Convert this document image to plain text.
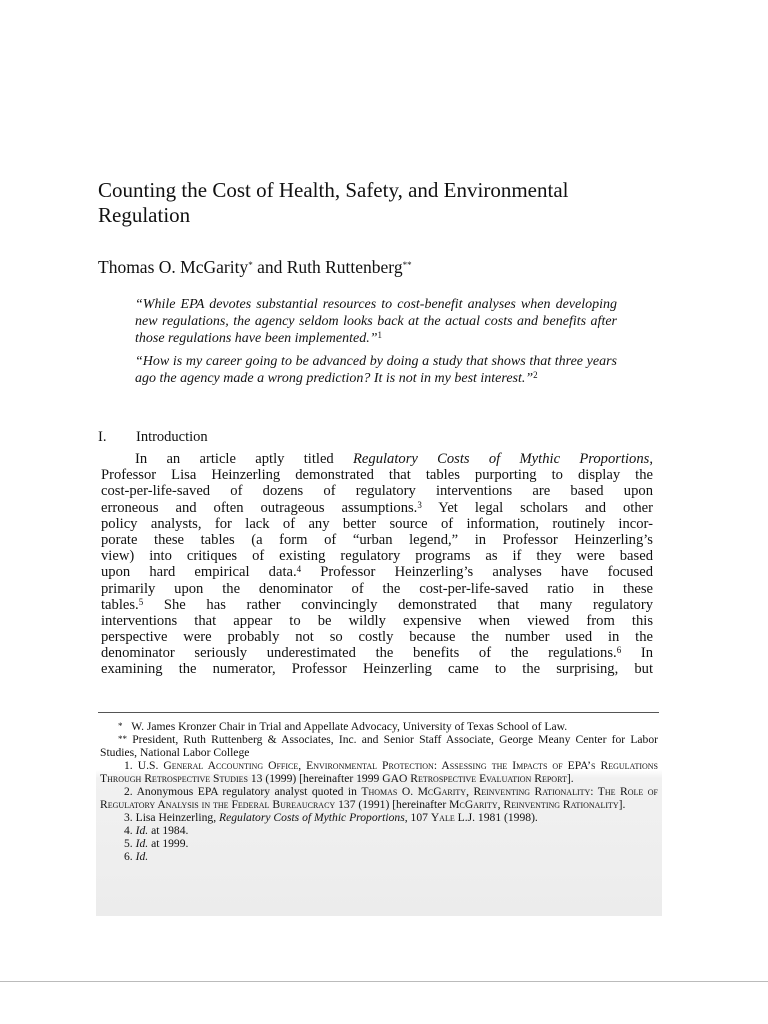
Counting the Cost of Health, Safety, and Environmental Regulation
Thomas O. McGarity* and Ruth Ruttenberg**

“While EPA devotes substantial resources to cost-benefit analyses when developing new regulations, the agency seldom looks back at the actual costs and benefits after those regulations have been implemented.”$^1$

“How is my career going to be advanced by doing a study that shows that three years ago the agency made a wrong prediction? It is not in my best interest.”$^2$

I. Introduction
In an article aptly titled Regulatory Costs of Mythic Proportions,
Professor Lisa Heinzerling demonstrated that tables purporting to display the
cost-per-life-saved of dozens of regulatory interventions are based upon
erroneous and often outrageous assumptions.$^3$ Yet legal scholars and other
policy analysts, for lack of any better source of information, routinely incor-
porate these tables (a form of “urban legend,” in Professor Heinzerling’s
view) into critiques of existing regulatory programs as if they were based
upon hard empirical data.$^4$ Professor Heinzerling’s analyses have focused
primarily upon the denominator of the cost-per-life-saved ratio in these
tables.$^5$ She has rather convincingly demonstrated that many regulatory
interventions that appear to be wildly expensive when viewed from this
perspective were probably not so costly because the number used in the
denominator seriously underestimated the benefits of the regulations.$^6$ In
examining the numerator, Professor Heinzerling came to the surprising, but

* W. James Kronzer Chair in Trial and Appellate Advocacy, University of Texas School of Law.

** President, Ruth Ruttenberg & Associates, Inc. and Senior Staff Associate, George Meany Center for Labor Studies, National Labor College

1. U.S. General Accounting Office, Environmental Protection: Assessing the Impacts of EPA’s Regulations Through Retrospective Studies 13 (1999) [hereinafter 1999 GAO Retrospective Evaluation Report].

2. Anonymous EPA regulatory analyst quoted in Thomas O. McGarity, Reinventing Rationality: The Role of Regulatory Analysis in the Federal Bureaucracy 137 (1991) [hereinafter McGarity, Reinventing Rationality].

3. Lisa Heinzerling, Regulatory Costs of Mythic Proportions, 107 Yale L.J. 1981 (1998).

4. Id. at 1984.

5. Id. at 1999.

6. Id.
